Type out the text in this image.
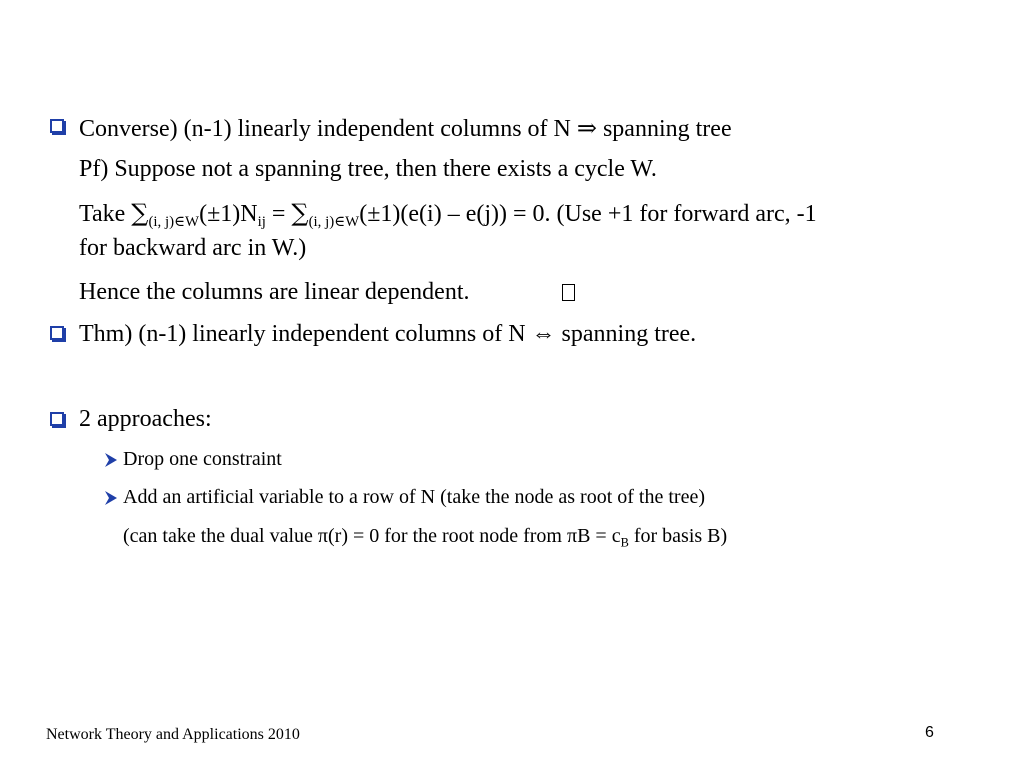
Converse) (n-1) linearly independent columns of N ⇒ spanning tree
Pf) Suppose not a spanning tree, then there exists a cycle W.
Take $\sum_{(i, j)\in W}(\pm 1)N_{ij} = \sum_{(i, j)\in W}(\pm 1)(e(i) - e(j)) = 0$. (Use +1 for forward arc, -1
for backward arc in W.)
Hence the columns are linear dependent.
Thm) (n-1) linearly independent columns of N ⇔ spanning tree.
2 approaches:
Drop one constraint
Add an artificial variable to a row of N (take the node as root of the tree)
(can take the dual value π(r) = 0 for the root node from $\pi B = c_B$ for basis B)
Network Theory and Applications 2010	6
